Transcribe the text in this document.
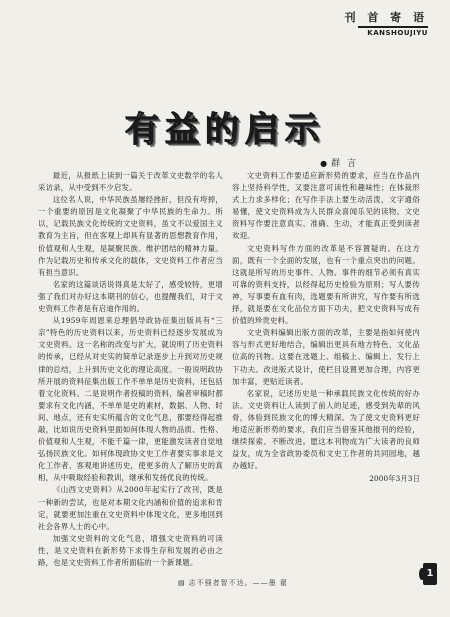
刊 首 寄 语
KANSHOUJIYU
有益的启示
● 群 言

最近，从报纸上读到一篇关于改革文史数学的名人采访录，从中受到不少启发。

这位名人说，中华民族虽屡经挫折，但没有垮掉，一个重要的原因是文化凝聚了中华民族的生命力。所以，记载民族文化传统的文史资料，虽文不以爱国主义教育为主旨，但在客观上却具有显著的思想教育作用，价值观和人生观，是凝聚民族、维护团结的精神力量。作为记载历史和传承文化的载体，文史资料工作者应当有担当意识。

名家的这篇谈话说得真是太好了，感受较特，更增强了我们对办好这本期刊的信心，也提醒我们，对于文史资料工作者是有启迪作用的。

从1959年周恩来总理倡导政协征集出版具有“三亲”特色的历史资料以来，历史资料已经逐步发展成为文史资料。这一名称的改变与扩大，就说明了历史资料的传承，已经从对史实的简单记录逐步上升到对历史规律的总结，上升到历史文化的理论高度。一般说明政协所开展的资料征集出版工作不单单是历史资料，还包括着文化资料。二是说明作者投稿的资料，编者审稿时都要求有文化内涵，不单单是史的素材，数据、人物、时间、地点，还有史实所蕴含的文化气息，都要经得起推敲，比如说历史资料里面如何体现人物的品质、性格、价值观和人生观，不能千篇一律，更能激发读者自觉地弘扬民族文化。如何体现政协文史工作者要实事求是文化工作者、客观地讲述历史，使更多的人了解历史的真相，从中吸取经验和教训，继承和发扬优良的传统。

《山西文史资料》从2000年起实行了改刊，既是一种新的尝试，也是对本期文化内涵和价值的追求和肯定，就要更加注重在文史资料中体现文化，更多地回到社会各界人士的心中。

加强文史资料的文化气息，增强文史资料的可读性，是文史资料在新形势下求得生存和发展的必由之路，也是文史资料工作者所面临的一个新课题。

文史资料工作要适应新形势的要求，应当在作品内容上坚持科学性，又要注意可读性和趣味性；在体裁形式上力求多样化；在写作手法上要生动活泼，文字通俗易懂，使文史资料成为人民群众喜闻乐见的读物。文史资料写作要注意真实、准确、生动，才能真正受到读者欢迎。

文史资料写作方面的改革是不容置疑的。在这方面，既有一个全面的发展，也有一个重点突出的问题。这就是所写的历史事件、人物、事件的细节必须有真实可靠的资料支持，以经得起历史检验为原则；写人要传神，写事要有血有肉，选题要有所讲究，写作要有所选择，就是要在文化品位方面下功夫，把文史资料写成有价值的珍贵史料。

文史资料编辑出版方面的改革，主要是指如何使内容与形式更好地结合，编辑出更具有地方特色、文化品位高的刊物。这要在选题上、组稿上、编辑上、发行上下功夫。改进版式设计，使栏目设置更加合理，内容更加丰富，更贴近读者。

名家说，记述历史是一种承载民族文化传统的好办法。文史资料让人读到了前人的足迹，感受到先辈的风骨，体验到民族文化的博大精深。为了使文史资料更好地适应新形势的要求，我们应当借鉴其他报刊的经验，继续探索、不断改进。愿这本刊物成为广大读者的良师益友，成为全省政协委员和文史工作者的共同园地，越办越好。

2000年3月3日
▤ 志不强者智不达。——墨 翟
1
